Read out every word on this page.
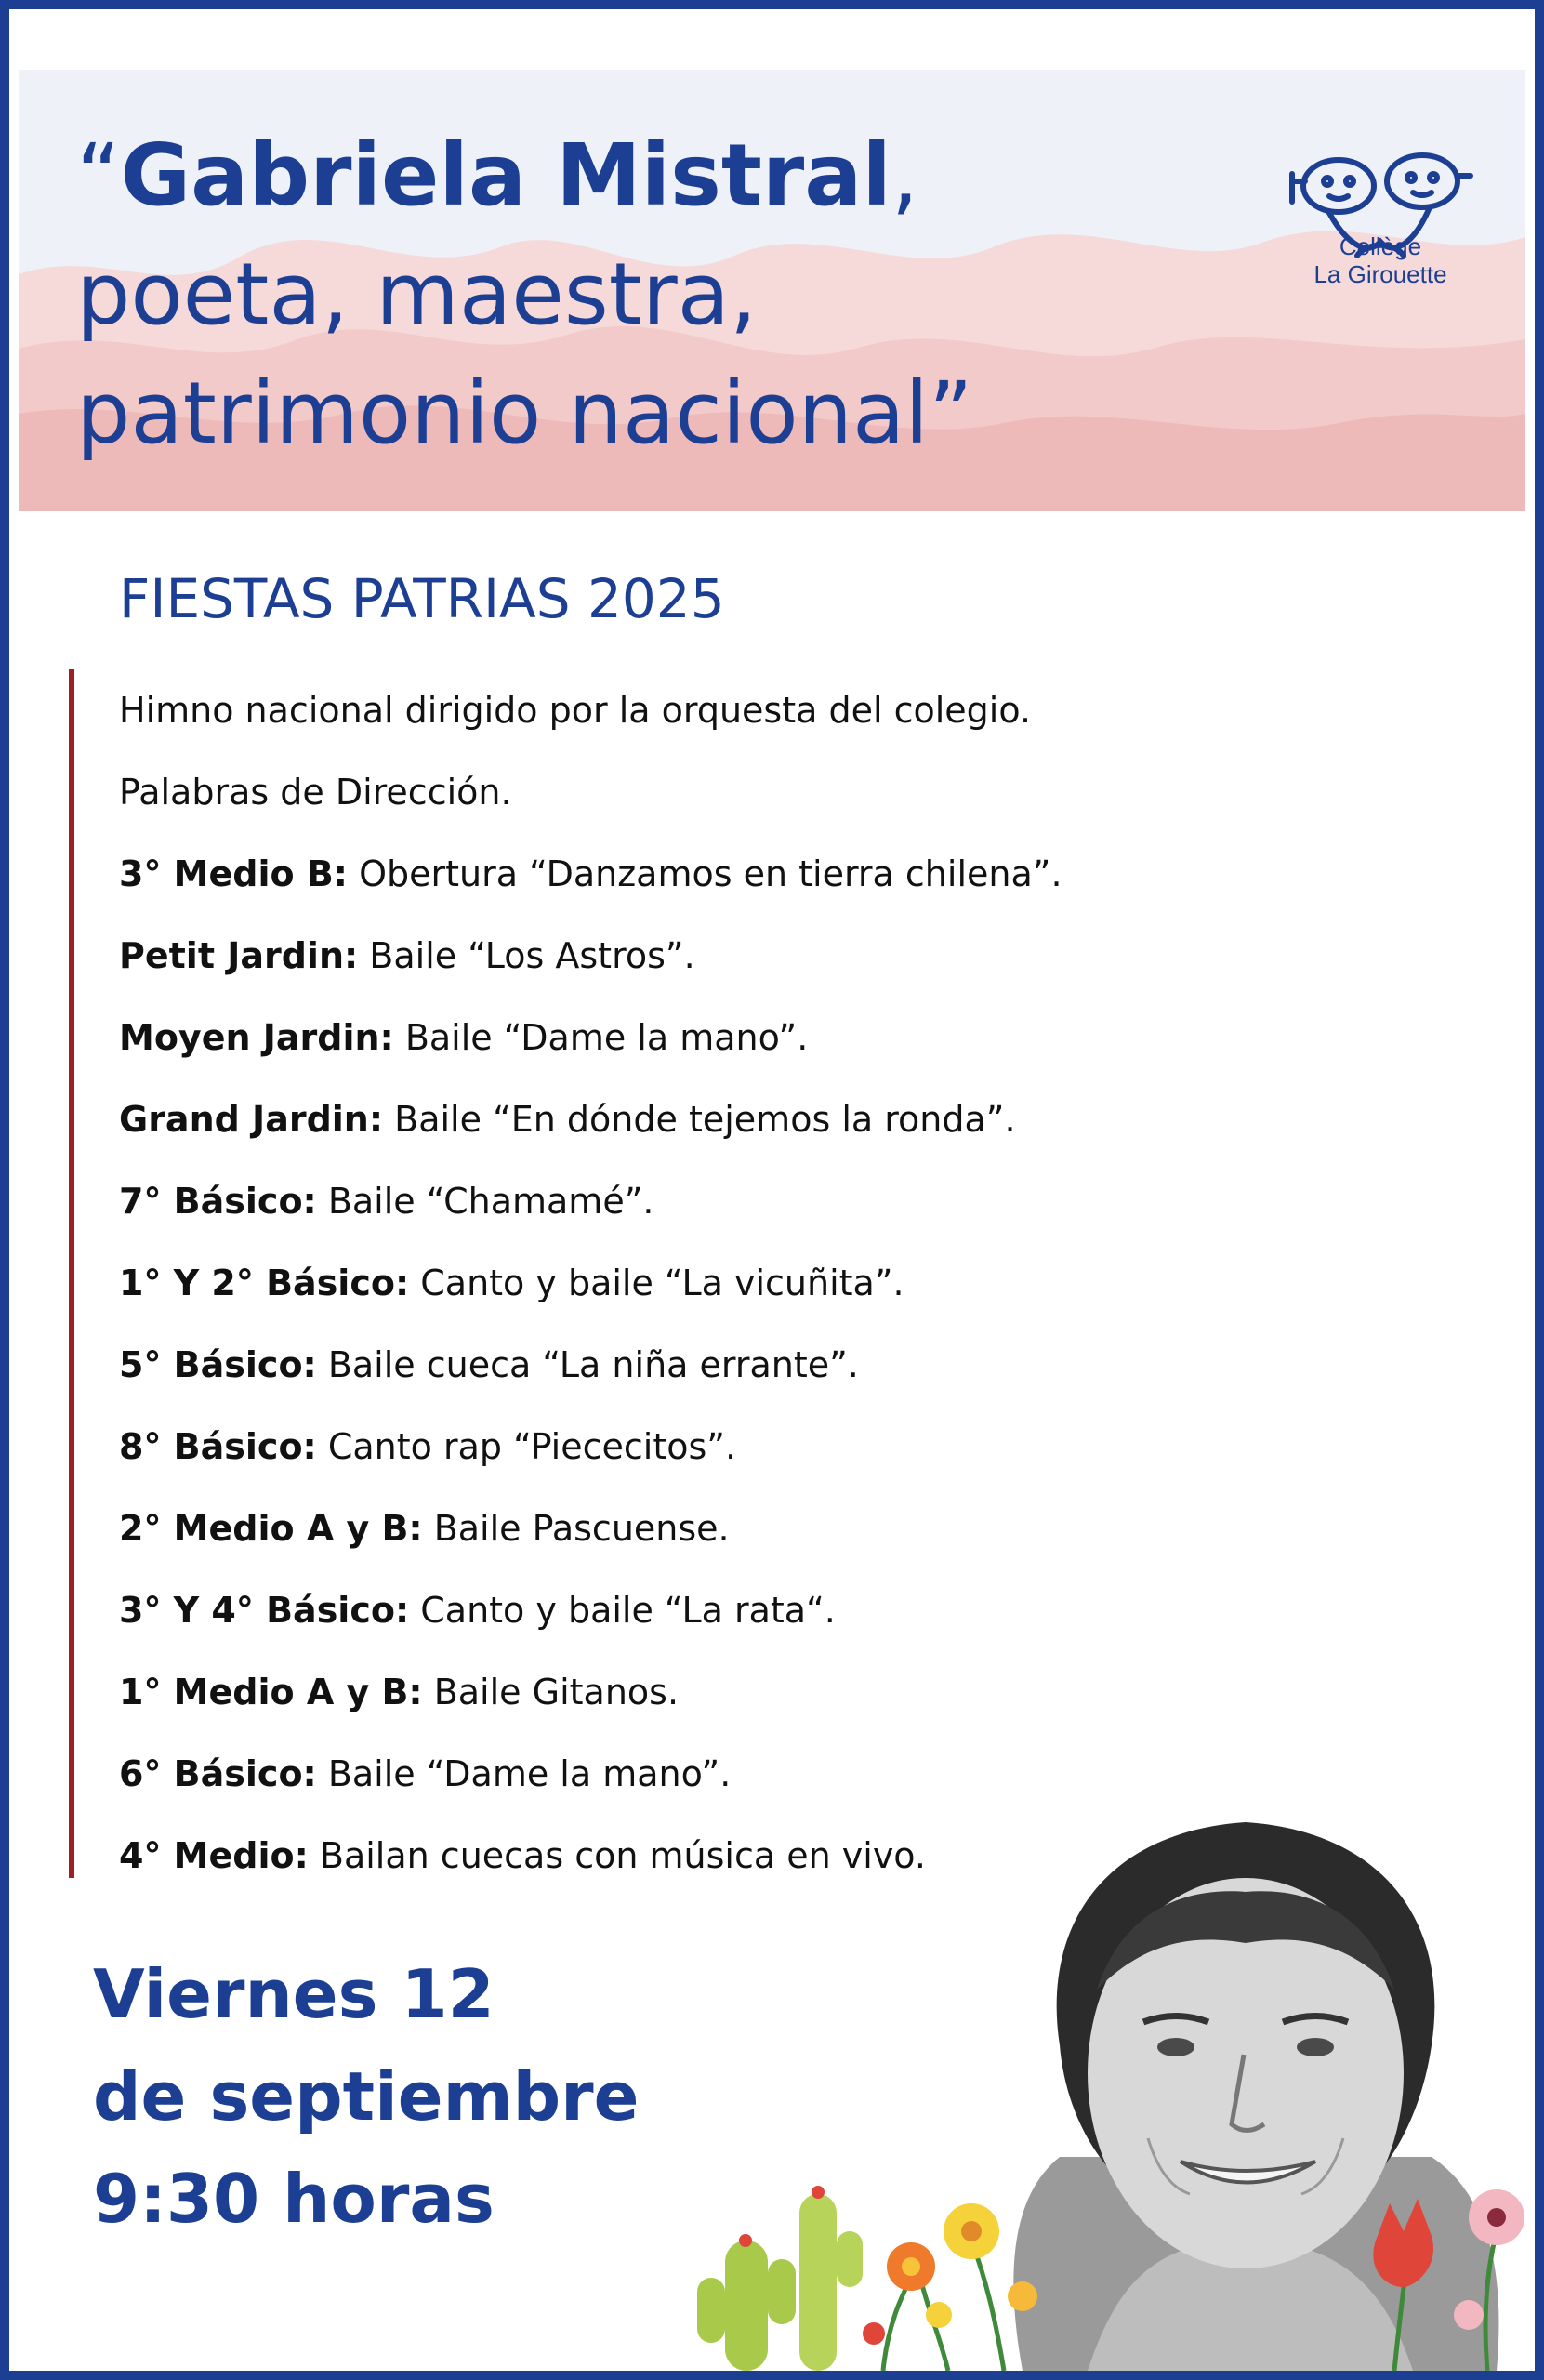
“Gabriela Mistral,
poeta, maestra,
patrimonio nacional”
Collège
La Girouette
FIESTAS PATRIAS 2025
Himno nacional dirigido por la orquesta del colegio.
Palabras de Dirección.
3° Medio B: Obertura “Danzamos en tierra chilena”.
Petit Jardin: Baile “Los Astros”.
Moyen Jardin: Baile “Dame la mano”.
Grand Jardin: Baile “En dónde tejemos la ronda”.
7° Básico: Baile “Chamamé”.
1° Y 2° Básico: Canto y baile “La vicuñita”.
5° Básico: Baile cueca “La niña errante”.
8° Básico: Canto rap “Piececitos”.
2° Medio A y B: Baile Pascuense.
3° Y 4° Básico: Canto y baile “La rata“.
1° Medio A y B: Baile Gitanos.
6° Básico: Baile “Dame la mano”.
4° Medio: Bailan cuecas con música en vivo.
Viernes 12
de septiembre
9:30 horas
